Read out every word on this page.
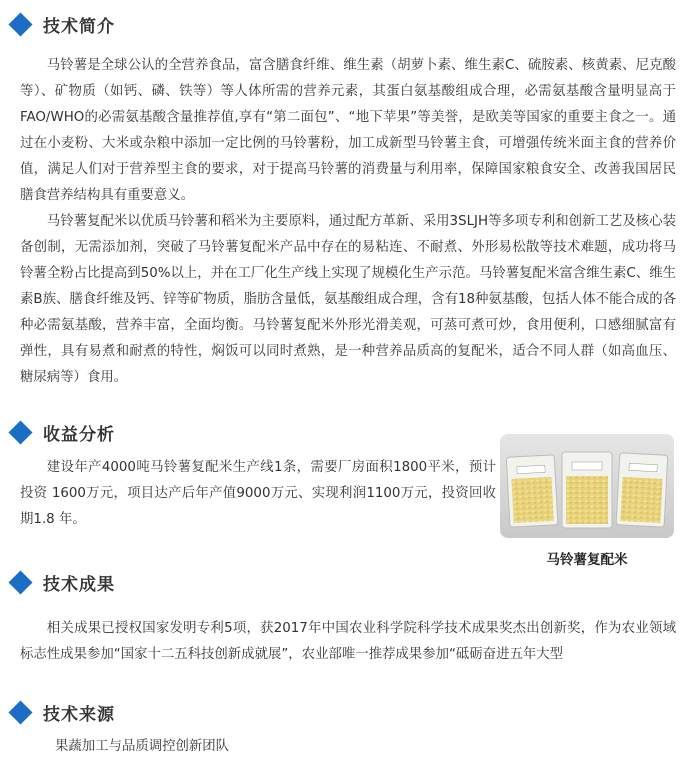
技术简介

马铃薯是全球公认的全营养食品，富含膳食纤维、维生素（胡萝卜素、维生素C、硫胺素、核黄素、尼克酸等）、矿物质（如钙、磷、铁等）等人体所需的营养元素，其蛋白氨基酸组成合理，必需氨基酸含量明显高于FAO/WHO的必需氨基酸含量推荐值,享有“第二面包”、“地下苹果”等美誉，是欧美等国家的重要主食之一。通过在小麦粉、大米或杂粮中添加一定比例的马铃薯粉，加工成新型马铃薯主食，可增强传统米面主食的营养价值，满足人们对于营养型主食的要求，对于提高马铃薯的消费量与利用率，保障国家粮食安全、改善我国居民膳食营养结构具有重要意义。

马铃薯复配米以优质马铃薯和稻米为主要原料，通过配方革新、采用3SLJH等多项专利和创新工艺及核心装备创制，无需添加剂，突破了马铃薯复配米产品中存在的易粘连、不耐煮、外形易松散等技术难题，成功将马铃薯全粉占比提高到50%以上，并在工厂化生产线上实现了规模化生产示范。马铃薯复配米富含维生素C、维生素B族、膳食纤维及钙、锌等矿物质，脂肪含量低，氨基酸组成合理，含有18种氨基酸，包括人体不能合成的各种必需氨基酸，营养丰富，全面均衡。马铃薯复配米外形光滑美观，可蒸可煮可炒，食用便利，口感细腻富有弹性，具有易煮和耐煮的特性，焖饭可以同时煮熟，是一种营养品质高的复配米，适合不同人群（如高血压、糖尿病等）食用。

收益分析

建设年产4000吨马铃薯复配米生产线1条，需要厂房面积1800平米，预计投资 1600万元，项目达产后年产值9000万元、实现利润1100万元，投资回收期1.8 年。

马铃薯复配米

技术成果

相关成果已授权国家发明专利5项，获2017年中国农业科学院科学技术成果奖杰出创新奖，作为农业领域标志性成果参加“国家十二五科技创新成就展”，农业部唯一推荐成果参加“砥砺奋进五年大型

技术来源

果蔬加工与品质调控创新团队
